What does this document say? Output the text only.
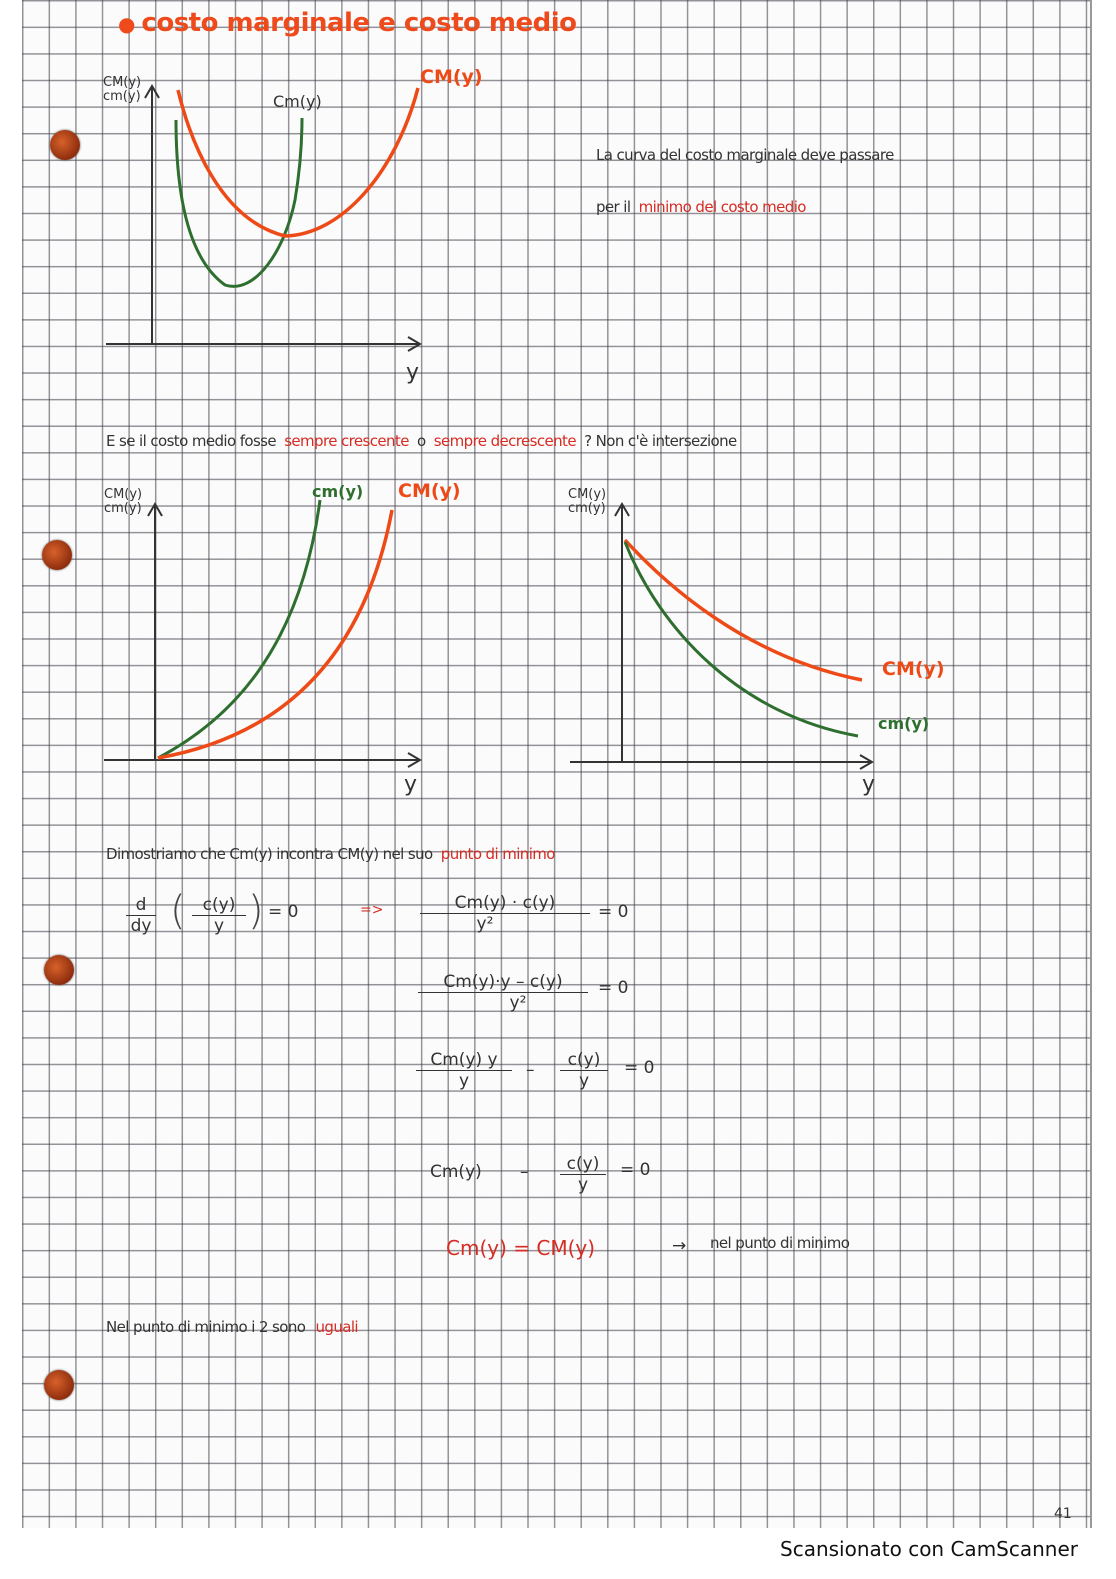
● costo marginale e costo medio
CM(y)
cm(y)	Cm(y)
CM(y)
y
La curva del costo marginale deve passare
per il minimo del costo medio
E se il costo medio fosse sempre crescente o sempre decrescente ? Non c'è intersezione
CM(y)
cm(y)
cm(y) CM(y)
y
CM(y)
cm(y)
CM(y)
cm(y)
y
Dimostriamo che Cm(y) incontra CM(y) nel suo punto di minimo
d
dy (	c(y)
y ) = 0	=>	Cm(y) · c(y)
y²
= 0
Cm(y)·y – c(y)
y²
= 0
Cm(y) y
y
–	c(y)
y
= 0
Cm(y) –	c(y)
y
= 0
Cm(y) = CM(y)	→ nel punto di minimo
Nel punto di minimo i 2 sono uguali
41
Scansionato con CamScanner
